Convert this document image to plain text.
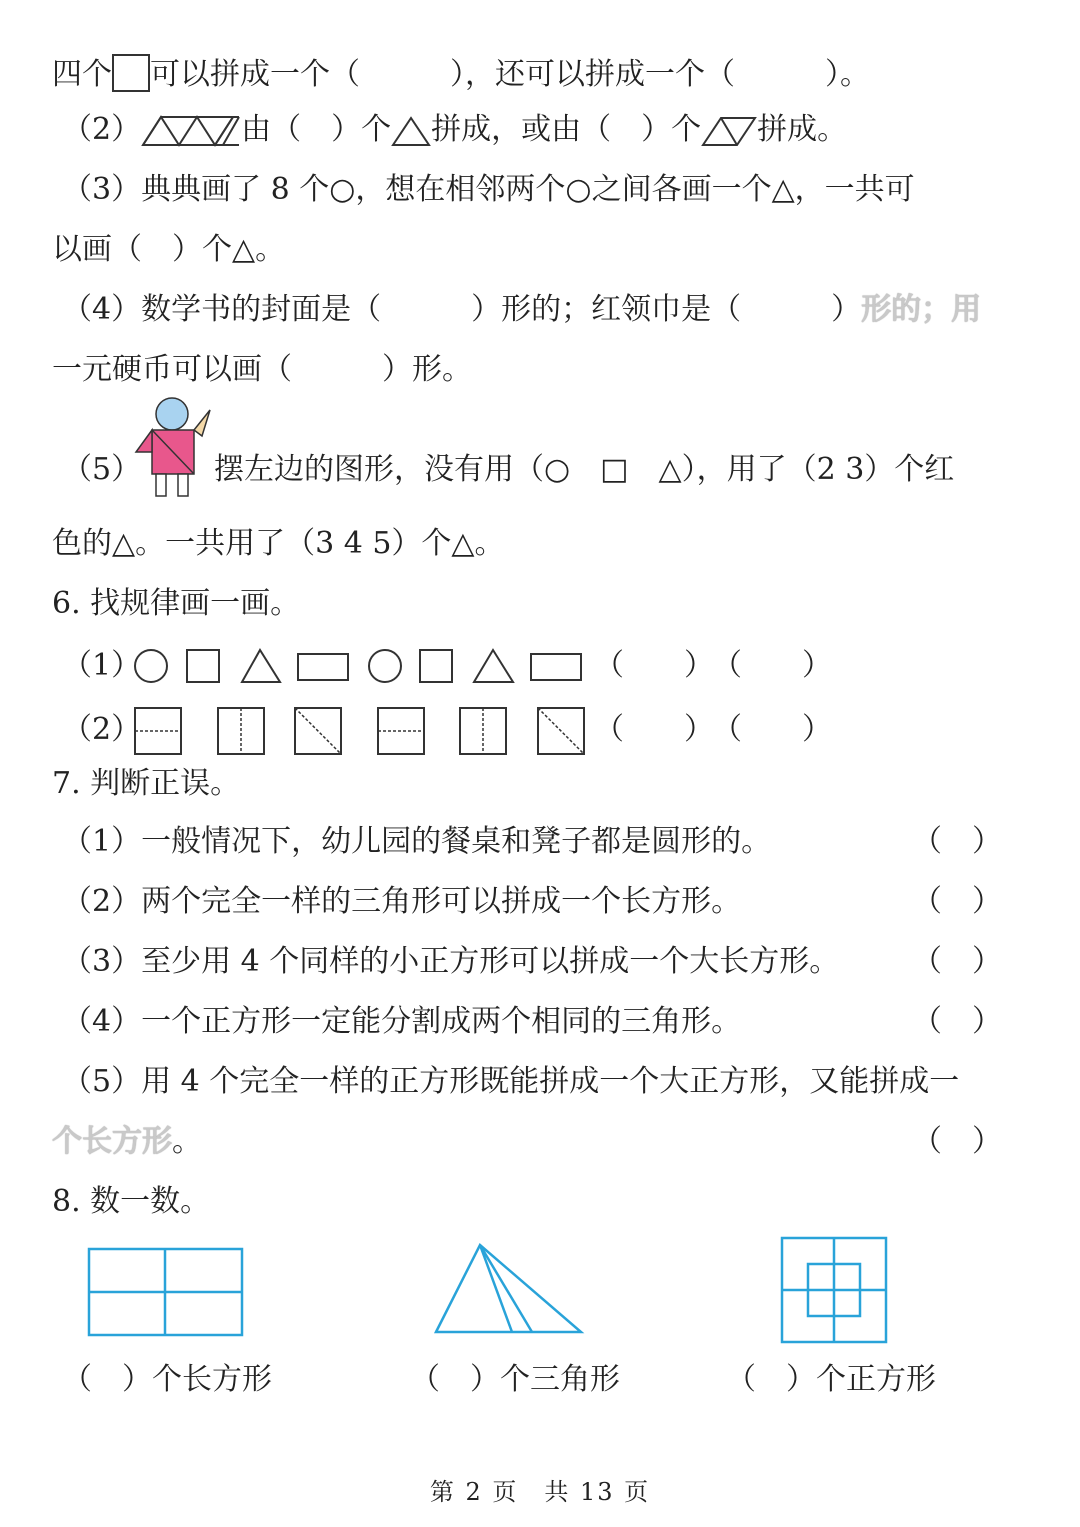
四个 可以拼成一个（　　　），还可以拼成一个（　　　）。
（2）	由（　）个 拼成，或由（　）个 拼成。
（3）典典画了 8 个○，想在相邻两个○之间各画一个△，一共可
以画（　）个△。
（4）数学书的封面是（　　　）形的；红领巾是（　　　）形的；用
一元硬币可以画（　　　）形。
（5） 摆左边的图形，没有用（○　□　△），用了（2 3）个红
色的△。一共用了（3 4 5）个△。
6. 找规律画一画。
（1）	（　　）
（　　）
（2）	（　　）
（　　）
7. 判断正误。
（1）一般情况下，幼儿园的餐桌和凳子都是圆形的。	（　）
（2）两个完全一样的三角形可以拼成一个长方形。	（　）
（3）至少用 4 个同样的小正方形可以拼成一个大长方形。 （　）
（4）一个正方形一定能分割成两个相同的三角形。	（　）
（5）用 4 个完全一样的正方形既能拼成一个大正方形，又能拼成一
个长方形。	（　）
8. 数一数。
（　）个长方形	（　）个三角形	（　）个正方形
第 2 页　共 13 页
